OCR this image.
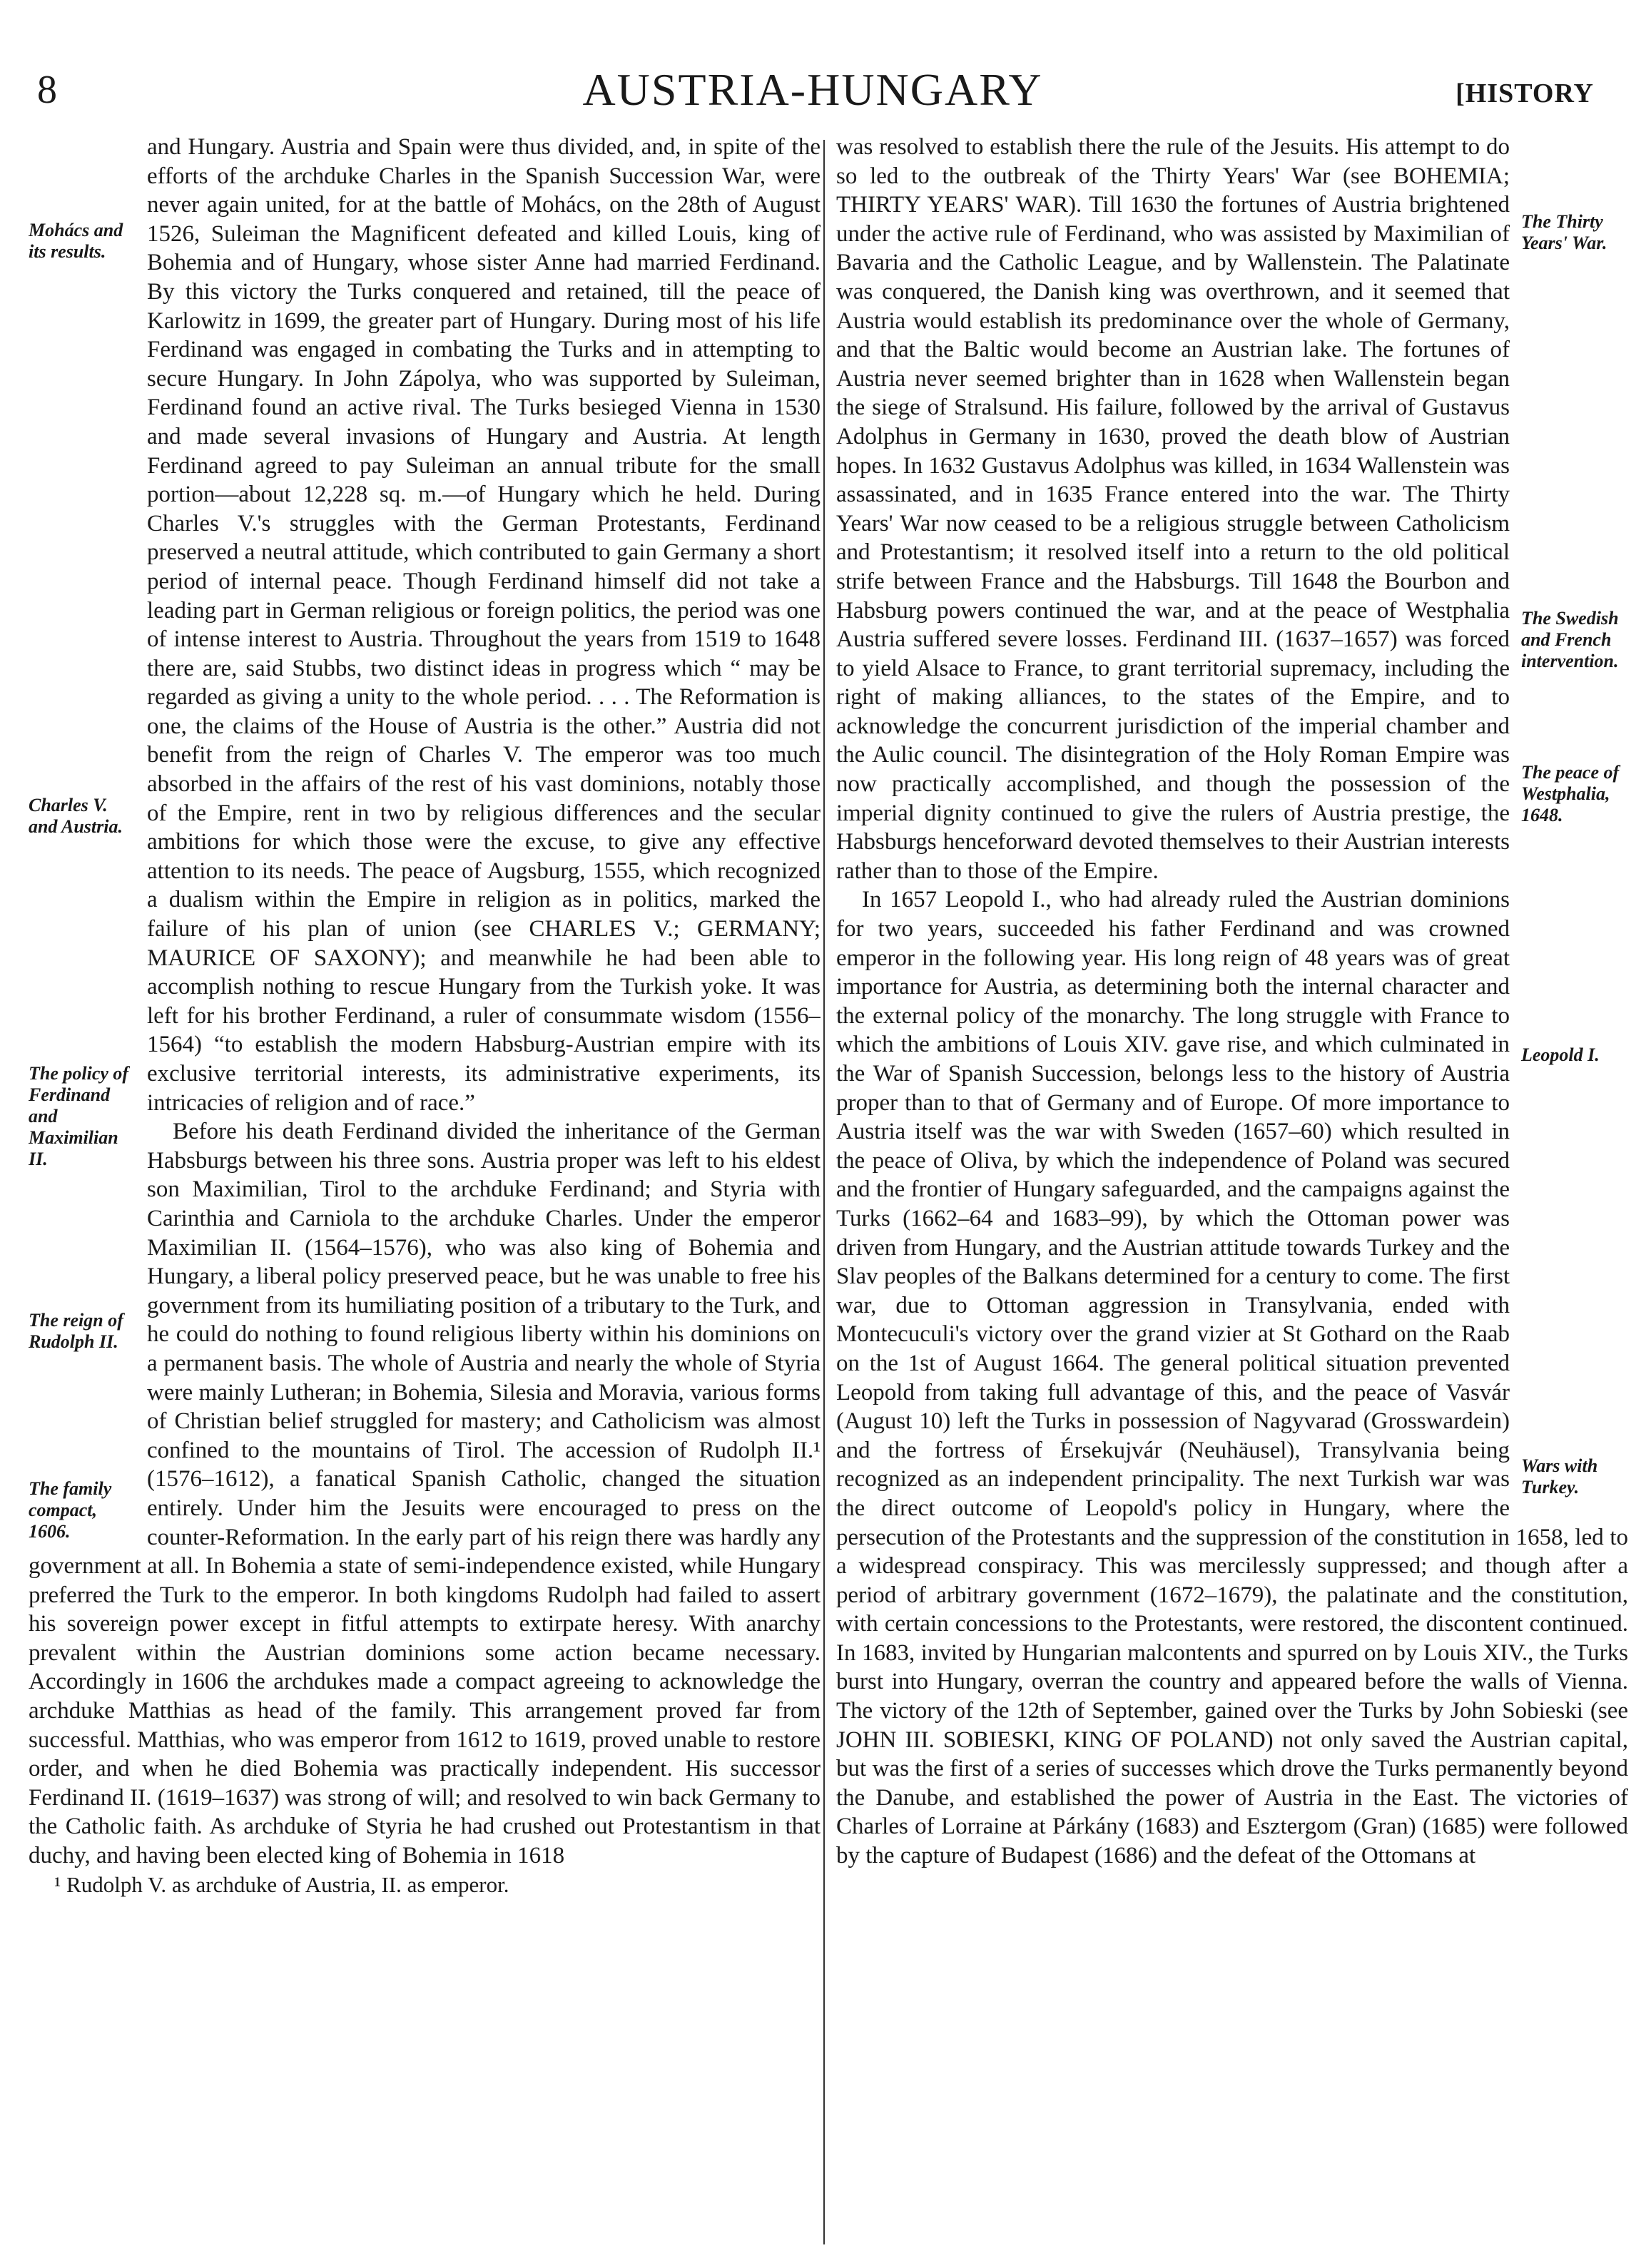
8	AUSTRIA-HUNGARY	[HISTORY
Mohács and its results.
Charles V. and Austria.
The policy of Ferdinand and Maximilian II.
The reign of Rudolph II.
The family compact, 1606.

and Hungary. Austria and Spain were thus divided, and, in spite of the efforts of the archduke Charles in the Spanish Succession War, were never again united, for at the battle of Mohács, on the 28th of August 1526, Suleiman the Magnificent defeated and killed Louis, king of Bohemia and of Hungary, whose sister Anne had married Ferdinand. By this victory the Turks conquered and retained, till the peace of Karlowitz in 1699, the greater part of Hungary. During most of his life Ferdinand was engaged in combating the Turks and in attempting to secure Hungary. In John Zápolya, who was supported by Suleiman, Ferdinand found an active rival. The Turks besieged Vienna in 1530 and made several invasions of Hungary and Austria. At length Ferdinand agreed to pay Suleiman an annual tribute for the small portion—about 12,228 sq. m.—of Hungary which he held. During Charles V.'s struggles with the German Protestants, Ferdinand preserved a neutral attitude, which contributed to gain Germany a short period of internal peace. Though Ferdinand himself did not take a leading part in German religious or foreign politics, the period was one of intense interest to Austria. Throughout the years from 1519 to 1648 there are, said Stubbs, two distinct ideas in progress which “ may be regarded as giving a unity to the whole period. . . . The Reformation is one, the claims of the House of Austria is the other.” Austria did not benefit from the reign of Charles V. The emperor was too much absorbed in the affairs of the rest of his vast dominions, notably those of the Empire, rent in two by religious differences and the secular ambitions for which those were the excuse, to give any effective attention to its needs. The peace of Augsburg, 1555, which recognized a dualism within the Empire in religion as in politics, marked the failure of his plan of union (see CHARLES V.; GERMANY; MAURICE OF SAXONY); and meanwhile he had been able to accomplish nothing to rescue Hungary from the Turkish yoke. It was left for his brother Ferdinand, a ruler of consummate wisdom (1556–1564) “to establish the modern Habsburg-Austrian empire with its exclusive territorial interests, its administrative experiments, its intricacies of religion and of race.”

Before his death Ferdinand divided the inheritance of the German Habsburgs between his three sons. Austria proper was left to his eldest son Maximilian, Tirol to the archduke Ferdinand; and Styria with Carinthia and Carniola to the archduke Charles. Under the emperor Maximilian II. (1564–1576), who was also king of Bohemia and Hungary, a liberal policy preserved peace, but he was unable to free his government from its humiliating position of a tributary to the Turk, and he could do nothing to found religious liberty within his dominions on a permanent basis. The whole of Austria and nearly the whole of Styria were mainly Lutheran; in Bohemia, Silesia and Moravia, various forms of Christian belief struggled for mastery; and Catholicism was almost confined to the mountains of Tirol. The accession of Rudolph II.¹ (1576–1612), a fanatical Spanish Catholic, changed the situation entirely. Under him the Jesuits were encouraged to press on the counter-Reformation. In the early part of his reign there was hardly any government at all. In Bohemia a state of semi-independence existed, while Hungary preferred the Turk to the emperor. In both kingdoms Rudolph had failed to assert his sovereign power except in fitful attempts to extirpate heresy. With anarchy prevalent within the Austrian dominions some action became necessary. Accordingly in 1606 the archdukes made a compact agreeing to acknowledge the archduke Matthias as head of the family. This arrangement proved far from successful. Matthias, who was emperor from 1612 to 1619, proved unable to restore order, and when he died Bohemia was practically independent. His successor Ferdinand II. (1619–1637) was strong of will; and resolved to win back Germany to the Catholic faith. As archduke of Styria he had crushed out Protestantism in that duchy, and having been elected king of Bohemia in 1618

¹ Rudolph V. as archduke of Austria, II. as emperor.

The Thirty Years' War.
The Swedish and French intervention.
The peace of Westphalia, 1648.
Leopold I.
Wars with Turkey.

was resolved to establish there the rule of the Jesuits. His attempt to do so led to the outbreak of the Thirty Years' War (see BOHEMIA; THIRTY YEARS' WAR). Till 1630 the fortunes of Austria brightened under the active rule of Ferdinand, who was assisted by Maximilian of Bavaria and the Catholic League, and by Wallenstein. The Palatinate was conquered, the Danish king was overthrown, and it seemed that Austria would establish its predominance over the whole of Germany, and that the Baltic would become an Austrian lake. The fortunes of Austria never seemed brighter than in 1628 when Wallenstein began the siege of Stralsund. His failure, followed by the arrival of Gustavus Adolphus in Germany in 1630, proved the death blow of Austrian hopes. In 1632 Gustavus Adolphus was killed, in 1634 Wallenstein was assassinated, and in 1635 France entered into the war. The Thirty Years' War now ceased to be a religious struggle between Catholicism and Protestantism; it resolved itself into a return to the old political strife between France and the Habsburgs. Till 1648 the Bourbon and Habsburg powers continued the war, and at the peace of Westphalia Austria suffered severe losses. Ferdinand III. (1637–1657) was forced to yield Alsace to France, to grant territorial supremacy, including the right of making alliances, to the states of the Empire, and to acknowledge the concurrent jurisdiction of the imperial chamber and the Aulic council. The disintegration of the Holy Roman Empire was now practically accomplished, and though the possession of the imperial dignity continued to give the rulers of Austria prestige, the Habsburgs henceforward devoted themselves to their Austrian interests rather than to those of the Empire.

In 1657 Leopold I., who had already ruled the Austrian dominions for two years, succeeded his father Ferdinand and was crowned emperor in the following year. His long reign of 48 years was of great importance for Austria, as determining both the internal character and the external policy of the monarchy. The long struggle with France to which the ambitions of Louis XIV. gave rise, and which culminated in the War of Spanish Succession, belongs less to the history of Austria proper than to that of Germany and of Europe. Of more importance to Austria itself was the war with Sweden (1657–60) which resulted in the peace of Oliva, by which the independence of Poland was secured and the frontier of Hungary safeguarded, and the campaigns against the Turks (1662–64 and 1683–99), by which the Ottoman power was driven from Hungary, and the Austrian attitude towards Turkey and the Slav peoples of the Balkans determined for a century to come. The first war, due to Ottoman aggression in Transylvania, ended with Montecuculi's victory over the grand vizier at St Gothard on the Raab on the 1st of August 1664. The general political situation prevented Leopold from taking full advantage of this, and the peace of Vasvár (August 10) left the Turks in possession of Nagyvarad (Grosswardein) and the fortress of Érsekujvár (Neuhäusel), Transylvania being recognized as an independent principality. The next Turkish war was the direct outcome of Leopold's policy in Hungary, where the persecution of the Protestants and the suppression of the constitution in 1658, led to a widespread conspiracy. This was mercilessly suppressed; and though after a period of arbitrary government (1672–1679), the palatinate and the constitution, with certain concessions to the Protestants, were restored, the discontent continued. In 1683, invited by Hungarian malcontents and spurred on by Louis XIV., the Turks burst into Hungary, overran the country and appeared before the walls of Vienna. The victory of the 12th of September, gained over the Turks by John Sobieski (see JOHN III. SOBIESKI, KING OF POLAND) not only saved the Austrian capital, but was the first of a series of successes which drove the Turks permanently beyond the Danube, and established the power of Austria in the East. The victories of Charles of Lorraine at Párkány (1683) and Esztergom (Gran) (1685) were followed by the capture of Budapest (1686) and the defeat of the Ottomans at
